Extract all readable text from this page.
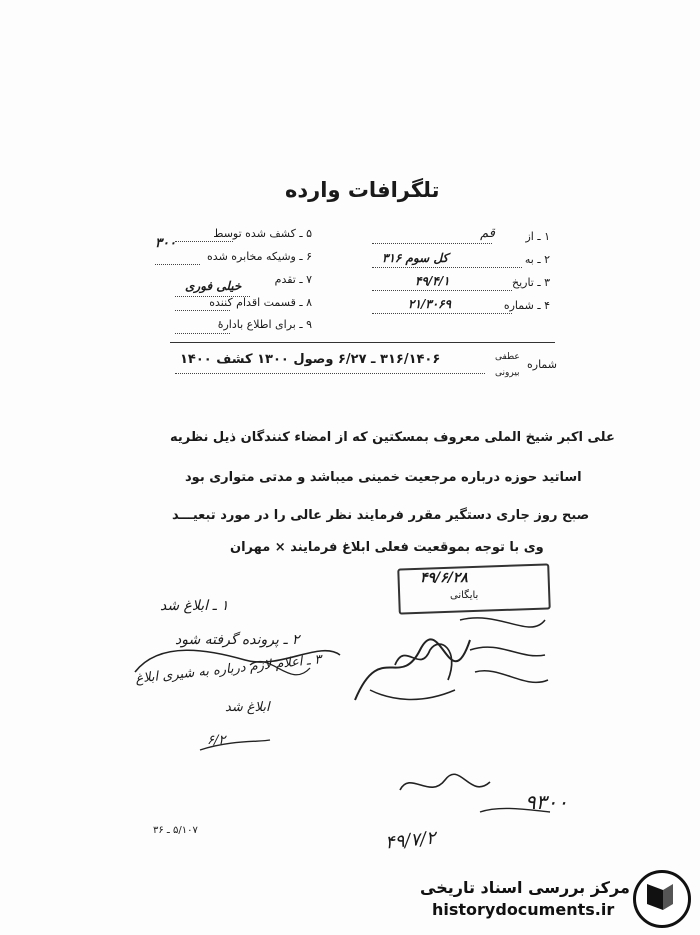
تلگرافات وارده
۱ ـ از
قم
۲ ـ به
کل سوم ۳۱۶
۳ ـ تاریخ
۴۹/۴/۱
۴ ـ شماره
۲۱/۳۰۶۹
۵ ـ کشف شده توسط
۶ ـ وشیکه مخابره شده
۳۰۰
۷ ـ تقدم
خیلی فوری
۸ ـ قسمت اقدام کننده
۹ ـ برای اطلاع بادارهٔ
عطفی
شماره
بیرونی
۳۱۶/۱۴۰۶ ـ ۶/۲۷ وصول ۱۳۰۰ کشف ۱۴۰۰
علی اکبر شیخ الملی معروف بمسکتین که از امضاء کنندگان ذیل نظریه
اساتید حوزه درباره مرجعیت خمینی میباشد و مدتی متواری بود
صبح روز جاری دستگیر مقرر فرمایند نظر عالی را در مورد تبعیـــد
وی با توجه بموقعیت فعلی ابلاغ فرمایند × مهران
۴۹/۶/۲۸
بایگانی
۱ ـ ابلاغ شد
۲ ـ پرونده گرفته شود
۳ ـ اعلام لازم درباره به شیری ابلاغ
ابلاغ شد
۶/۲
۹۳۰۰
۴۹/۷/۲
۵/۱۰۷ ـ ۳۶
مرکز بررسی اسناد تاریخی
historydocuments.ir
